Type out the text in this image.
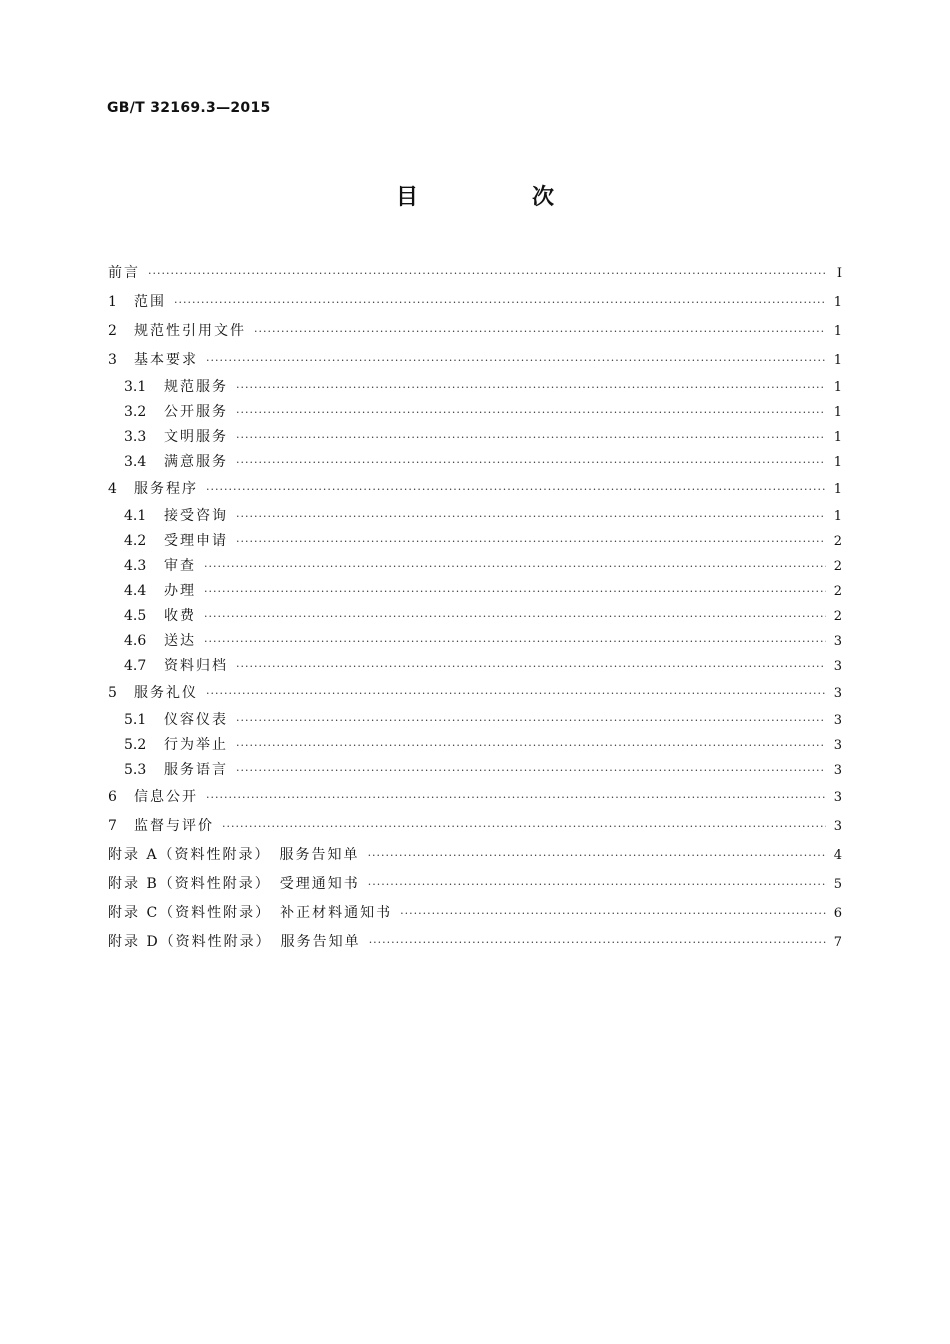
GB/T 32169.3—2015
目　次
前言 ·····	Ⅰ
1	范围 ·····	1
2	规范性引用文件 ·····	1
3	基本要求 ·····	1
3.1	规范服务 ·····	1
3.2	公开服务 ·····	1
3.3	文明服务 ·····	1
3.4	满意服务 ·····	1
4	服务程序 ·····	1
4.1	接受咨询 ·····	1
4.2	受理申请 ·····	2
4.3	审查 ·····	2
4.4	办理 ·····	2
4.5	收费 ·····	2
4.6	送达 ·····	3
4.7	资料归档 ·····	3
5	服务礼仪 ·····	3
5.1	仪容仪表 ·····	3
5.2	行为举止 ·····	3
5.3	服务语言 ·····	3
6	信息公开 ·····	3
7	监督与评价 ·····	3
附录 A（资料性附录）　服务告知单 ·····	4
附录 B（资料性附录）　受理通知书 ·····	5
附录 C（资料性附录）　补正材料通知书 ·····	6
附录 D（资料性附录）　服务告知单 ·····	7
